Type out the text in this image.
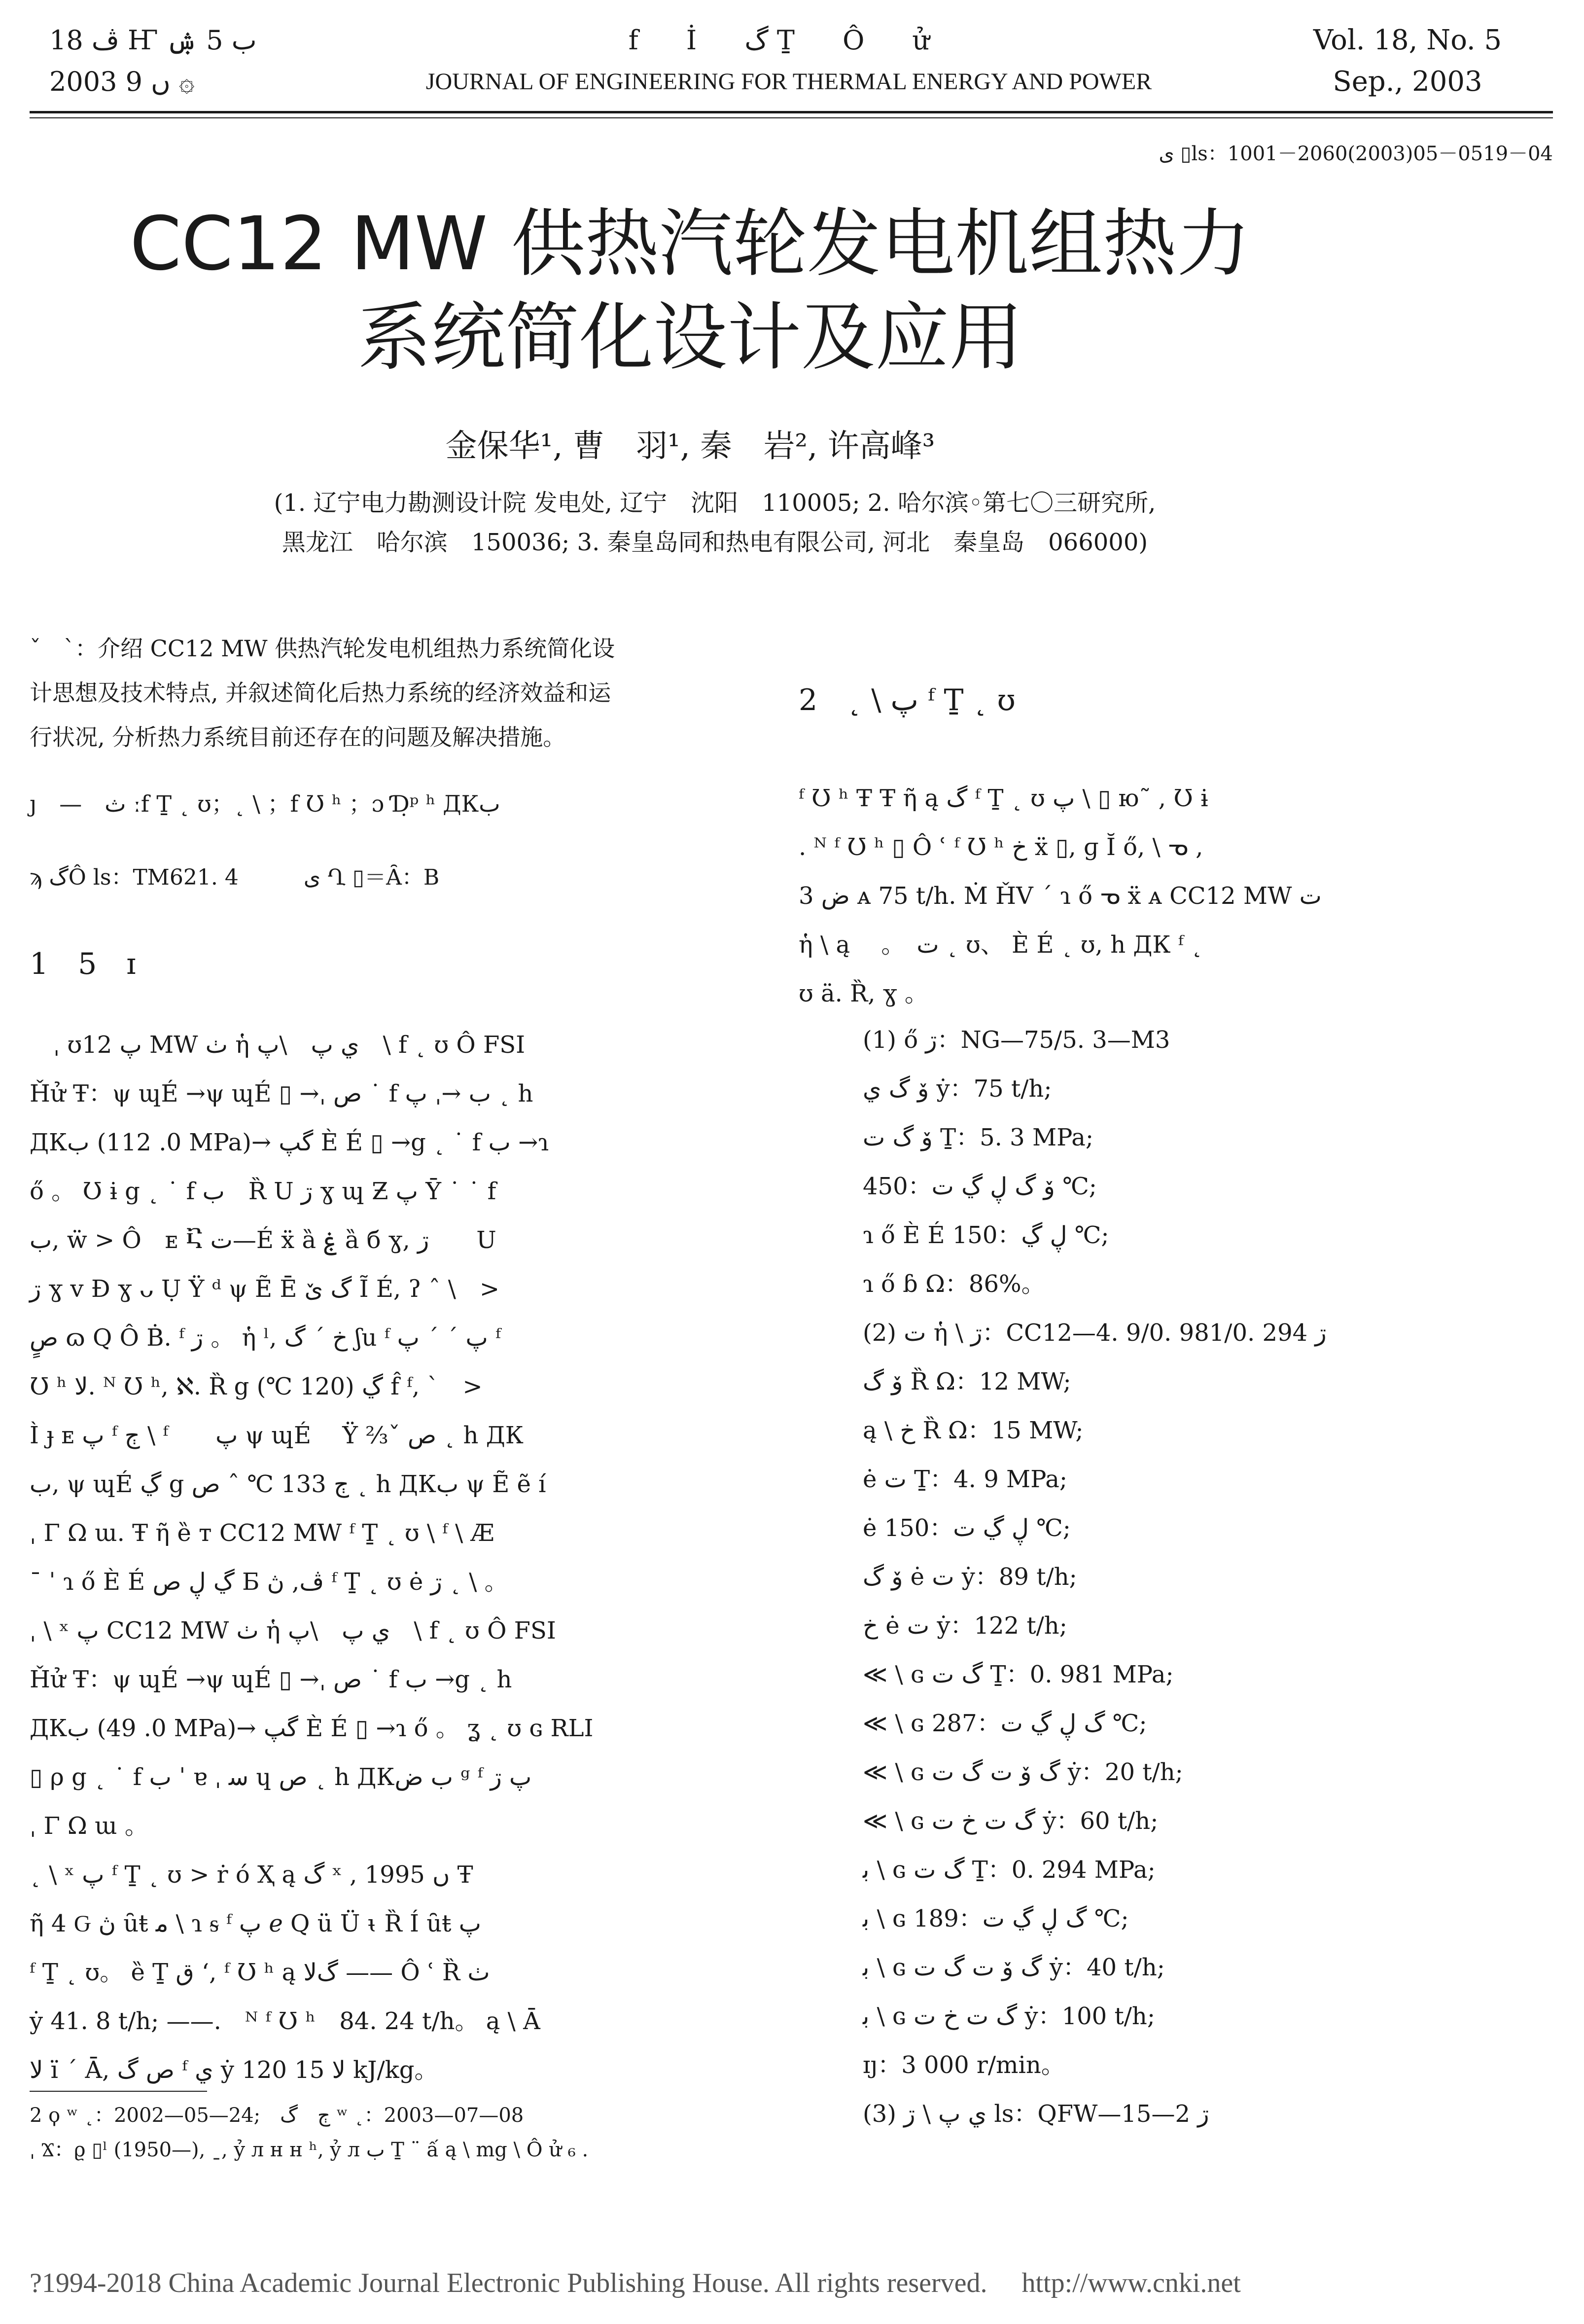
ڤ 18 Ҥ ب 5 ۺ
2003 ں 9 ۞
f İ گ Ṯ Ô ử
JOURNAL OF ENGINEERING FOR THERMAL ENERGY AND POWER
Vol. 18, No. 5
Sep., 2003
ى ▯ls：1001－2060(2003)05－0519－04
CC12 MW 供热汽轮发电机组热力
系统简化设计及应用
金保华¹, 曹　羽¹, 秦　岩², 许高峰³
(1. 辽宁电力勘测设计院 发电处, 辽宁　沈阳　110005; 2. 哈尔滨◦第七〇三研究所,
黑龙江　哈尔滨　150036; 3. 秦皇岛同和热电有限公司, 河北　秦皇岛　066000)
ˇ　ˋ：介绍 CC12 MW 供热汽轮发电机组热力系统简化设
计思想及技术特点, 并叙述简化后热力系统的经济效益和运
行状况, 分析热力系统目前还存在的问题及解决措施。
ȷ　—　ث ːf Ṯ ˛ ʊ；˛ \ ；f Ʊ ʰ ；ɔ Ɗ̣ᵖ ʰ ДКب
ϡ گÔ ls：TM621. 4　　　ى Ղ ▯＝Ȃ：B
1　5　ɪ
　ˌ ʊپ 12 MW ٺ ἡ ي پ　\پ　\ f ˛ ʊ Ô FSI
Ȟử Ŧ：ψ ɰÉ →ψ ɰÉ ▯ →ˌ ص ˙ f ب →ˌ پ ˛ h
ДКب (0. 112 MPa)→ گپ È É ▯ →g ˛ ˙ f ب →ɿ
ő 。 Ʊ ɨ g ˛ ˙ f ب　Ȑ U ڗ ɣ ɰ Ƶ پ Ῡ ˙ ˙ f
ب, ẅ > Ô　ᴇ Ⴀ ت—É ẍ ȁ ۼ ȁ б ɣ, ڗ　　U
ڗ ɣ ᴠ Ɖ ɣ ᴗ Ụ Ÿ ᵈ ψ Ẽ Ē گ ێ Ĩ É, ʔ ˆ \　>
صٍ ɷ Ԛ Ô Ḃ. ᶠ ڗ 。 ἡ ˡ, خ ˊ گ ʃu ᶠ پ ˊ ˊ پ ᶠ
Ʊ ʰ ﻻ. ᴺ Ʊ ʰ, ℵ. Ȑ g ڲ (120 ℃) f̂ ᶠ, ˋ　>
Ì ɟ ᴇ پ ᶠ ڄ \ ᶠ　　پ ψ ɰÉ　 Ÿ ⅔ˇ ص ˛ h ДК
ب, ψ ɰÉ ڲ g ڄ 133 ℃ ˆ ص ˛ h ДКب ψ Ẽ ẽ í
ˌ Γ Ω ɯ. Ŧ ῆ ȅ ᴛ CC12 MW ᶠ Ṯ ˛ ʊ \ ᶠ \ Æ
ˉ ˈ ɿ ő È É ڲ ڸ ص Ƃ ڤ, ڽ ᶠ Ṯ ˛ ʊ ė ڗ ˛ \ 。
ˌ \ ˣ پ CC12 MW ٺ ἡ ي پ　\پ　\ f ˛ ʊ Ô FSI
Ȟử Ŧ：ψ ɰÉ →ψ ɰÉ ▯ →ˌ ص ˙ f ب →g ˛ h
ДКب (0. 49 MPa)→ گپ È É ▯ →ɿ ő 。 ʓ ˛ ʊ ɢ RLI
▯ ρ g ˛ ˙ f ب ˈ ɐ ˌ ﺳ ɥ ص ˛ h ДКب ض ᵍ ᶠ پ ڗ
ˌ Γ Ω ɯ 。
˛ \ ˣ پ ᶠ Ṯ ˛ ʊ > ṙ ó Ҳ ą گ ˣ , 1995 ں Ŧ
ῆ 4 Ԍ ڽ ȗŧ ﻣ \ ɿ ᵴ ᶠ پ ℯ Q ü Ü ᵼ Ȑ Í ȗŧ پ
ᶠ Ṯ ˛ ʊ。 ȅ Ṯ ق ʻ, ᶠ Ʊ ʰ ą گﻻ —— Ô ʿ Ȑ ٺ
ẏ 41. 8 t/h; ——.　ᴺ ᶠ Ʊ ʰ　84. 24 t/h。 ą \ Ā
ﻻ ï ˊ Ā, ص گ ᶠ ي ẏ ﻻ 15 120 kJ/kg。
2　˛ \ پ ᶠ Ṯ ˛ ʊ
ᶠ Ʊ ʰ Ŧ Ŧ ῆ ą گ ᶠ Ṯ ˛ ʊ پ \ ▯ ю˜ , Ʊ ɨ
. ᴺ ᶠ Ʊ ʰ ▯ Ô ʿ ᶠ Ʊ ʰ خ ẍ ▯, ɡ Ĭ ő, \ ᓀ ,
ض 3 ᴀ 75 t/h. Ṁ ȞV ˊ ɿ ő ᓀ ẍ ᴀ CC12 MW ت
ἡ \ ą　 。　ت ˛ ʊ、 È É ˛ ʊ, h ДК ᶠ ˛
ʊ ä. Ȑ, ɣ 。
(1) ő ڗ：NG—75/5. 3—M3
ۆ گ ي ẏ：75 t/h;
ۆ گ ت Ṯ：5. 3 MPa;
ۆ گ ڸ ڲ ت：450 ℃;
ɿ ő È É ڸ ڲ：150 ℃;
ɿ ő ɓ Ω：86%。
(2) ت ἡ \ ڗ：CC12—4. 9/0. 981/0. 294 ڗ
ۆ گ Ȑ Ω：12 MW;
ą \ خ Ȑ Ω：15 MW;
ė ت Ṯ：4. 9 MPa;
ė ڸ ڲ ت：150 ℃;
ۆ گ ė ت ẏ：89 t/h;
خ ė ت ẏ：122 t/h;
≪ \ ɢ گ ت Ṯ：0. 981 MPa;
≪ \ ɢ گ ڸ ڲ ت：287 ℃;
≪ \ ɢ گ ۆ ت گ ت ẏ：20 t/h;
≪ \ ɢ گ ت خ ت ẏ：60 t/h;
ﺑ \ ɢ گ ت Ṯ：0. 294 MPa;
ﺑ \ ɢ گ ڸ ڲ ت：189 ℃;
ﺑ \ ɢ گ ۆ ت گ ت ẏ：40 t/h;
ﺑ \ ɢ گ ت خ ت ẏ：100 t/h;
ɪȷ：3 000 r/min。
(3) ي پ \ ڗ ls：QFW—15—2 ڗ
2 ϙ ʷ ˛：2002—05—24;　ڄ　گ ʷ ˛：2003—07—08
ˌ Ϫ：ϱ ▯ˡ (1950—), ˍ, ỷ л ʜ ʜ ʰ, ỷ л ب Ṯ ¨ ấ ą \ mg \ Ô ử ₆ .
?1994-2018 China Academic Journal Electronic Publishing House. All rights reserved.　 http://www.cnki.net
